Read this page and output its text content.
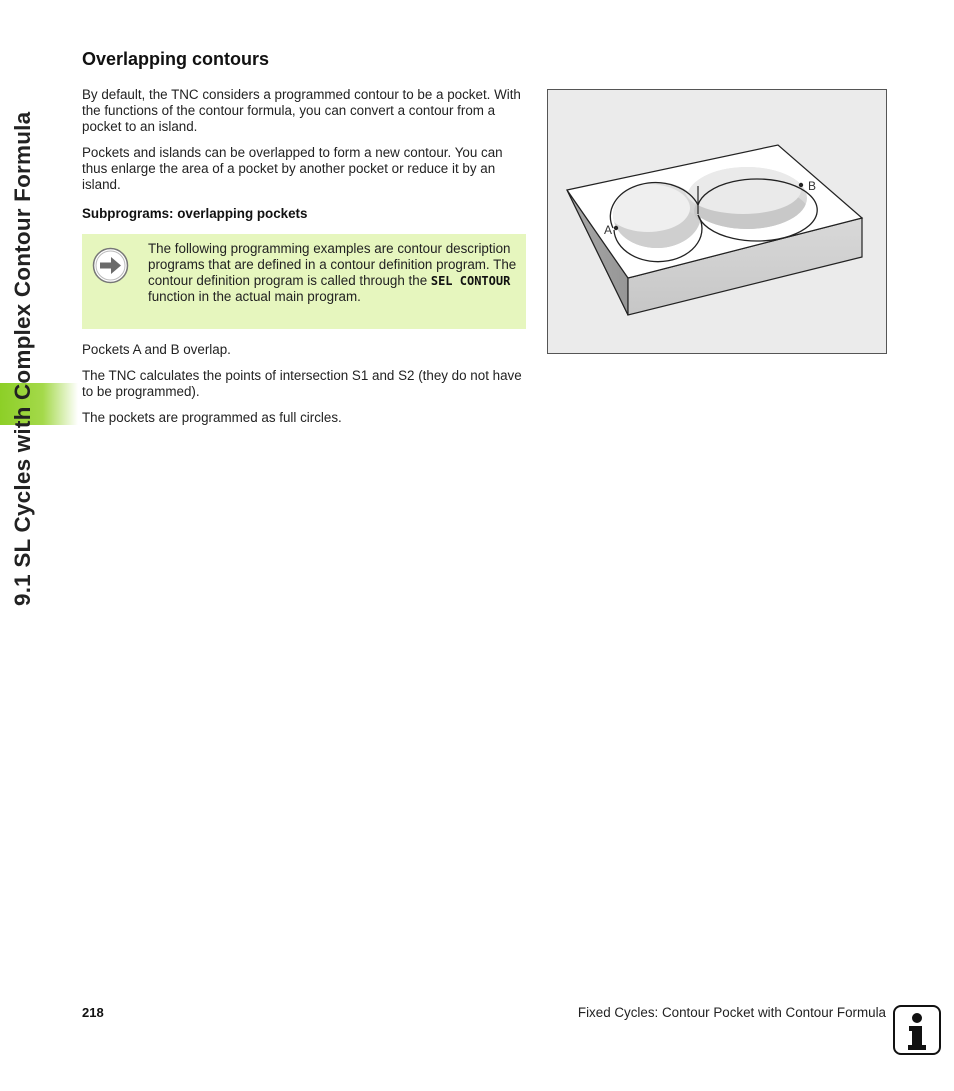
9.1 SL Cycles with Complex Contour Formula
Overlapping contours

By default, the TNC considers a programmed contour to be a pocket. With the functions of the contour formula, you can convert a contour from a pocket to an island.

Pockets and islands can be overlapped to form a new contour. You can thus enlarge the area of a pocket by another pocket or reduce it by an island.

Subprograms: overlapping pockets
The following programming examples are contour description programs that are defined in a contour definition program. The contour definition program is called through the SEL CONTOUR function in the actual main program.

Pockets A and B overlap.

The TNC calculates the points of intersection S1 and S2 (they do not have to be programmed).

The pockets are programmed as full circles.

A
B
218	Fixed Cycles: Contour Pocket with Contour Formula
